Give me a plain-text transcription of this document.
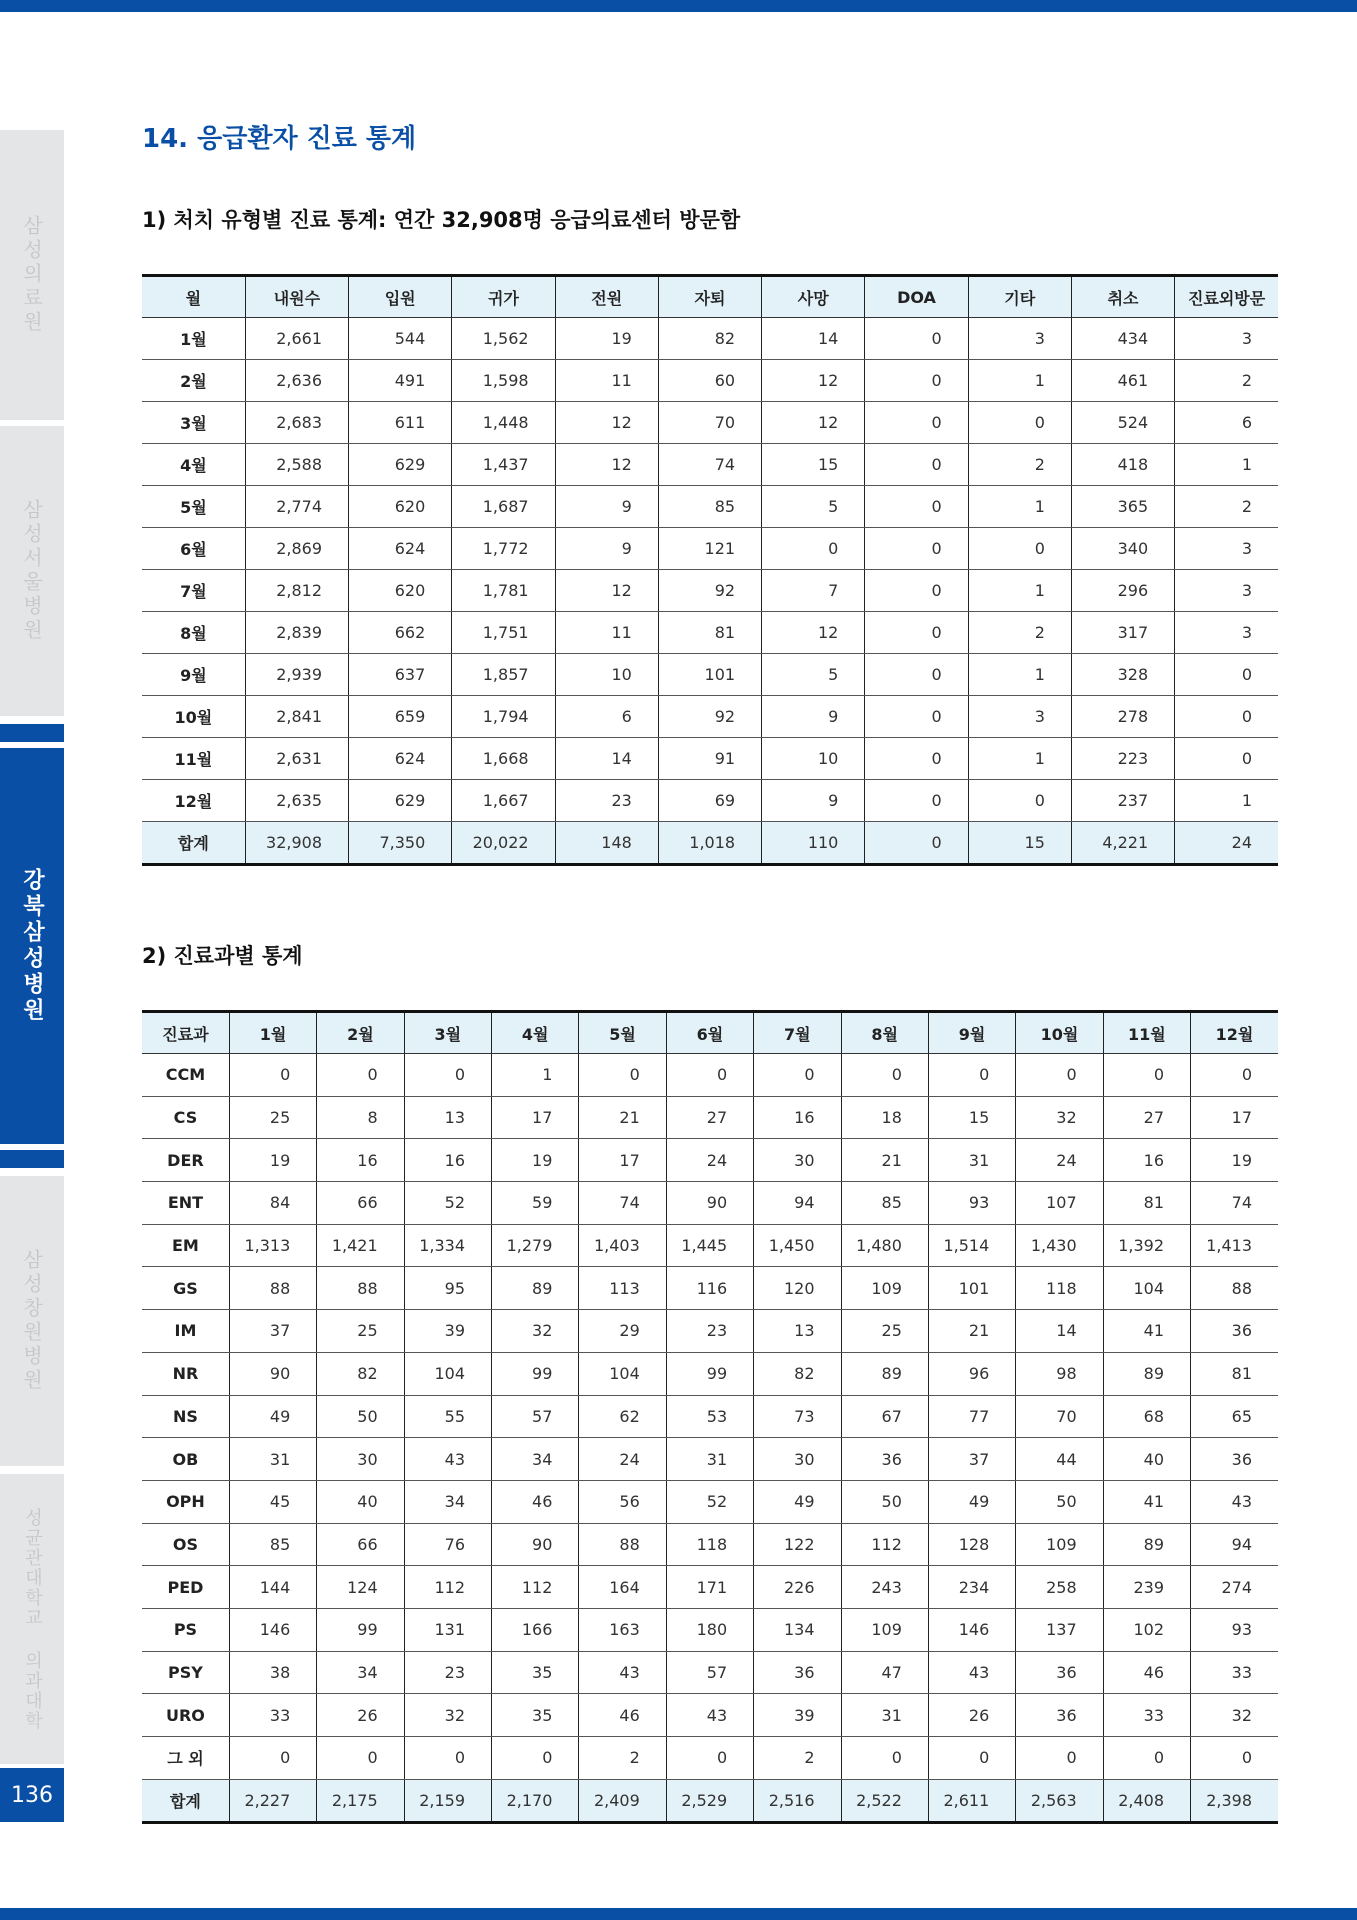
삼성의료원
삼성서울병원
강북삼성병원
삼성창원병원
성균관대학교 의과대학
136
14. 응급환자 진료 통계
1) 처치 유형별 진료 통계: 연간 32,908명 응급의료센터 방문함
2) 진료과별 통계
월	내원수	입원	귀가	전원	자퇴	사망	DOA	기타	취소	진료외방문
1월	2,661	544	1,562	19	82	14	0	3	434	3
2월	2,636	491	1,598	11	60	12	0	1	461	2
3월	2,683	611	1,448	12	70	12	0	0	524	6
4월	2,588	629	1,437	12	74	15	0	2	418	1
5월	2,774	620	1,687	9	85	5	0	1	365	2
6월	2,869	624	1,772	9	121	0	0	0	340	3
7월	2,812	620	1,781	12	92	7	0	1	296	3
8월	2,839	662	1,751	11	81	12	0	2	317	3
9월	2,939	637	1,857	10	101	5	0	1	328	0
10월	2,841	659	1,794	6	92	9	0	3	278	0
11월	2,631	624	1,668	14	91	10	0	1	223	0
12월	2,635	629	1,667	23	69	9	0	0	237	1
합계	32,908	7,350	20,022	148	1,018	110	0	15	4,221	24
진료과	1월	2월	3월	4월	5월	6월	7월	8월	9월	10월	11월	12월
CCM	0	0	0	1	0	0	0	0	0	0	0	0
CS	25	8	13	17	21	27	16	18	15	32	27	17
DER	19	16	16	19	17	24	30	21	31	24	16	19
ENT	84	66	52	59	74	90	94	85	93	107	81	74
EM	1,313	1,421	1,334	1,279	1,403	1,445	1,450	1,480	1,514	1,430	1,392	1,413
GS	88	88	95	89	113	116	120	109	101	118	104	88
IM	37	25	39	32	29	23	13	25	21	14	41	36
NR	90	82	104	99	104	99	82	89	96	98	89	81
NS	49	50	55	57	62	53	73	67	77	70	68	65
OB	31	30	43	34	24	31	30	36	37	44	40	36
OPH	45	40	34	46	56	52	49	50	49	50	41	43
OS	85	66	76	90	88	118	122	112	128	109	89	94
PED	144	124	112	112	164	171	226	243	234	258	239	274
PS	146	99	131	166	163	180	134	109	146	137	102	93
PSY	38	34	23	35	43	57	36	47	43	36	46	33
URO	33	26	32	35	46	43	39	31	26	36	33	32
그 외	0	0	0	0	2	0	2	0	0	0	0	0
합계	2,227	2,175	2,159	2,170	2,409	2,529	2,516	2,522	2,611	2,563	2,408	2,398
